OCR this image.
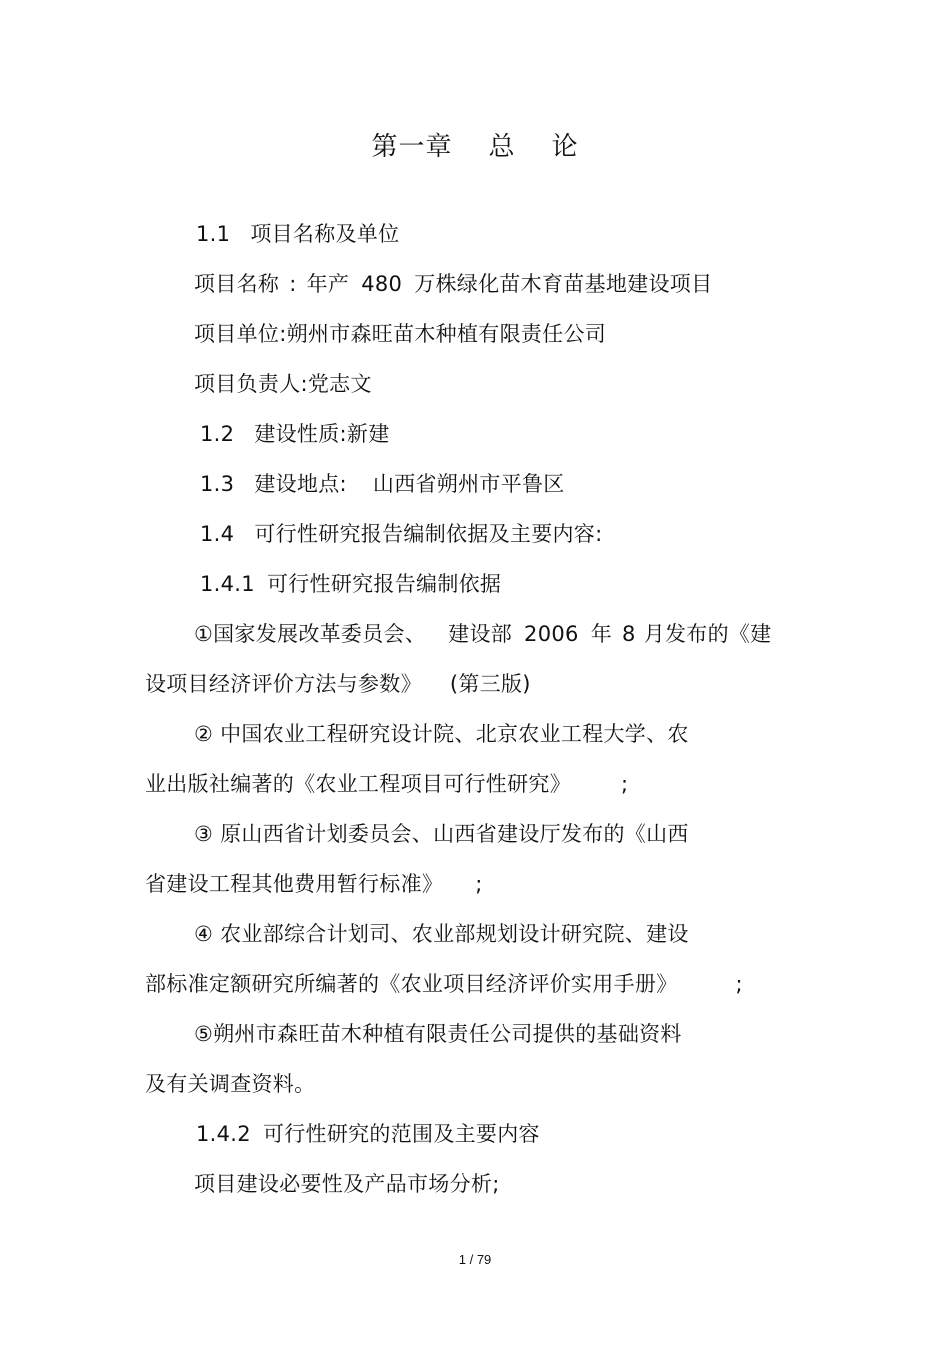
第一章 总 论
1.1 项目名称及单位
项目名称 : 年产 480 万株绿化苗木育苗基地建设项目
项目单位:朔州市森旺苗木种植有限责任公司
项目负责人:党志文
1.2 建设性质:新建
1.3 建设地点: 山西省朔州市平鲁区
1.4 可行性研究报告编制依据及主要内容:
1.4.1 可行性研究报告编制依据
①国家发展改革委员会、 建设部 2006 年 8 月发布的《建
设项目经济评价方法与参数》 (第三版)
② 中国农业工程研究设计院、北京农业工程大学、农
业出版社编著的《农业工程项目可行性研究》 ;
③ 原山西省计划委员会、山西省建设厅发布的《山西
省建设工程其他费用暂行标准》 ;
④ 农业部综合计划司、农业部规划设计研究院、建设
部标准定额研究所编著的《农业项目经济评价实用手册》	;
⑤朔州市森旺苗木种植有限责任公司提供的基础资料
及有关调查资料。
1.4.2 可行性研究的范围及主要内容
项目建设必要性及产品市场分析;
1 / 79
